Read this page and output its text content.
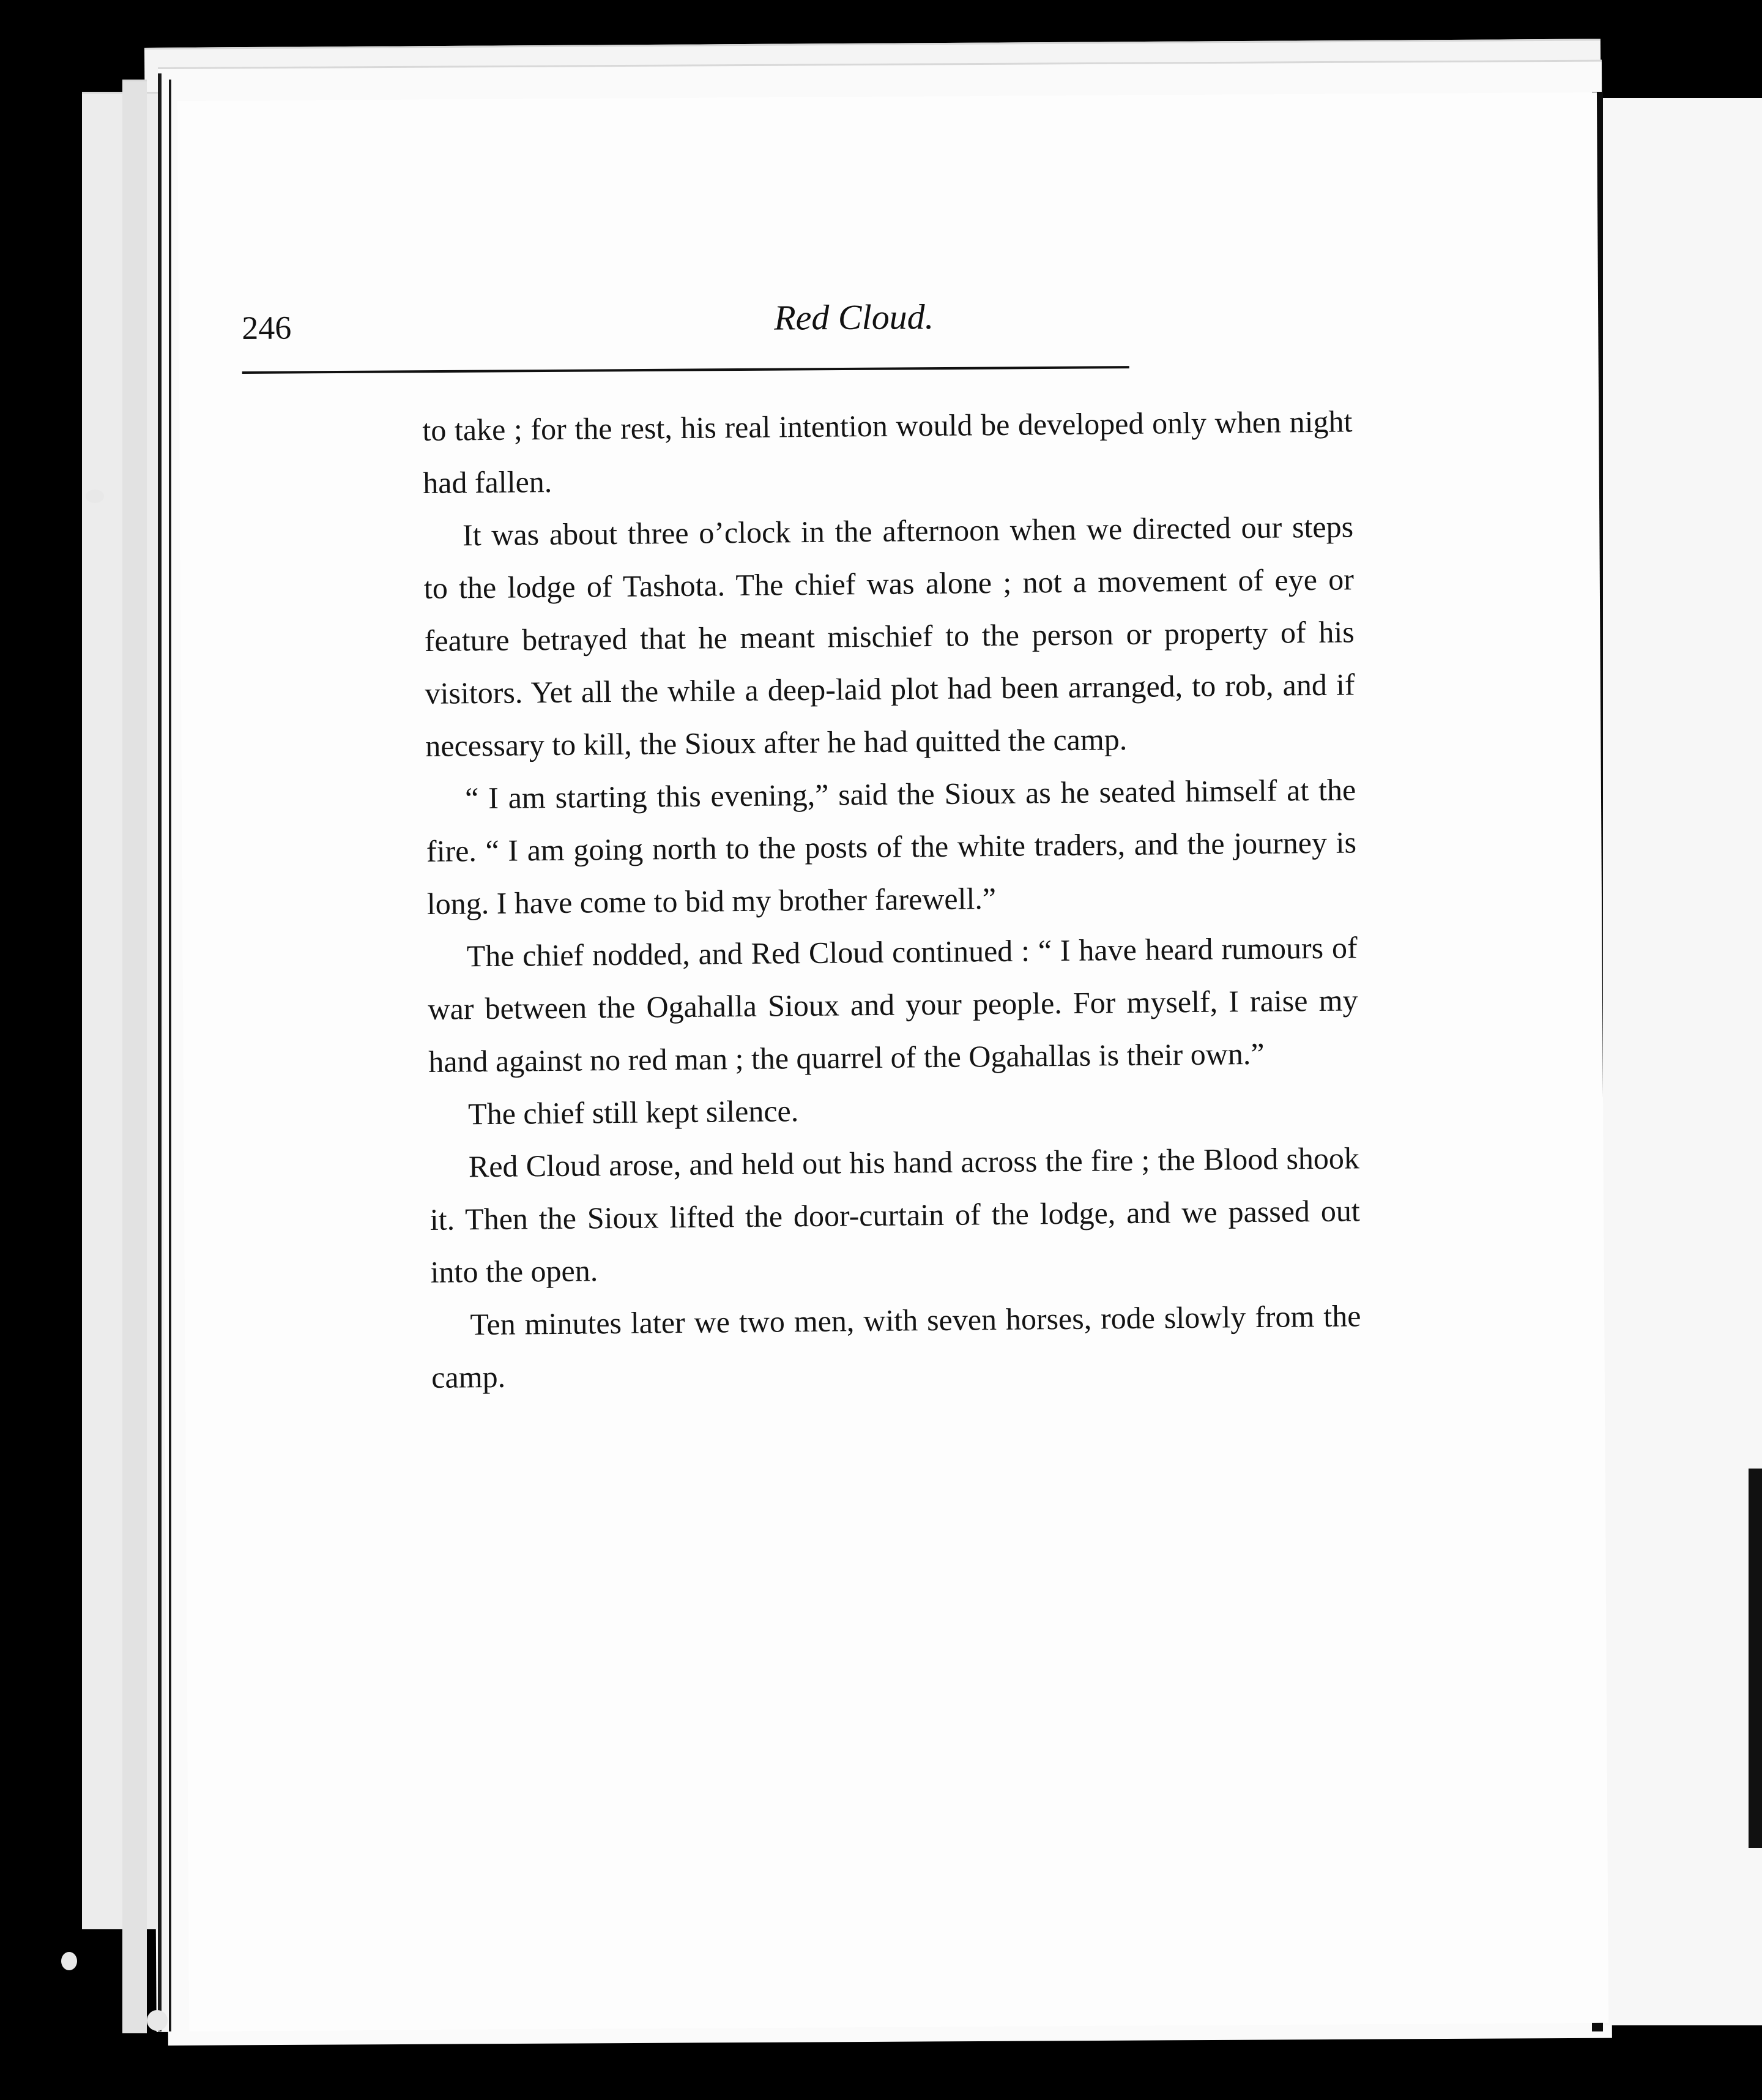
246	Red Cloud.

to take ; for the rest, his real intention would be developed only when night had fallen.

It was about three o’clock in the afternoon when we directed our steps to the lodge of Tashota. The chief was alone ; not a movement of eye or feature betrayed that he meant mischief to the person or property of his visitors. Yet all the while a deep-laid plot had been arranged, to rob, and if necessary to kill, the Sioux after he had quitted the camp.

“ I am starting this evening,” said the Sioux as he seated himself at the fire. “ I am going north to the posts of the white traders, and the journey is long. I have come to bid my brother farewell.”

The chief nodded, and Red Cloud continued : “ I have heard rumours of war between the Ogahalla Sioux and your people. For myself, I raise my hand against no red man ; the quarrel of the Ogahallas is their own.”

The chief still kept silence.

Red Cloud arose, and held out his hand across the fire ; the Blood shook it. Then the Sioux lifted the door-curtain of the lodge, and we passed out into the open.

Ten minutes later we two men, with seven horses, rode slowly from the camp.
